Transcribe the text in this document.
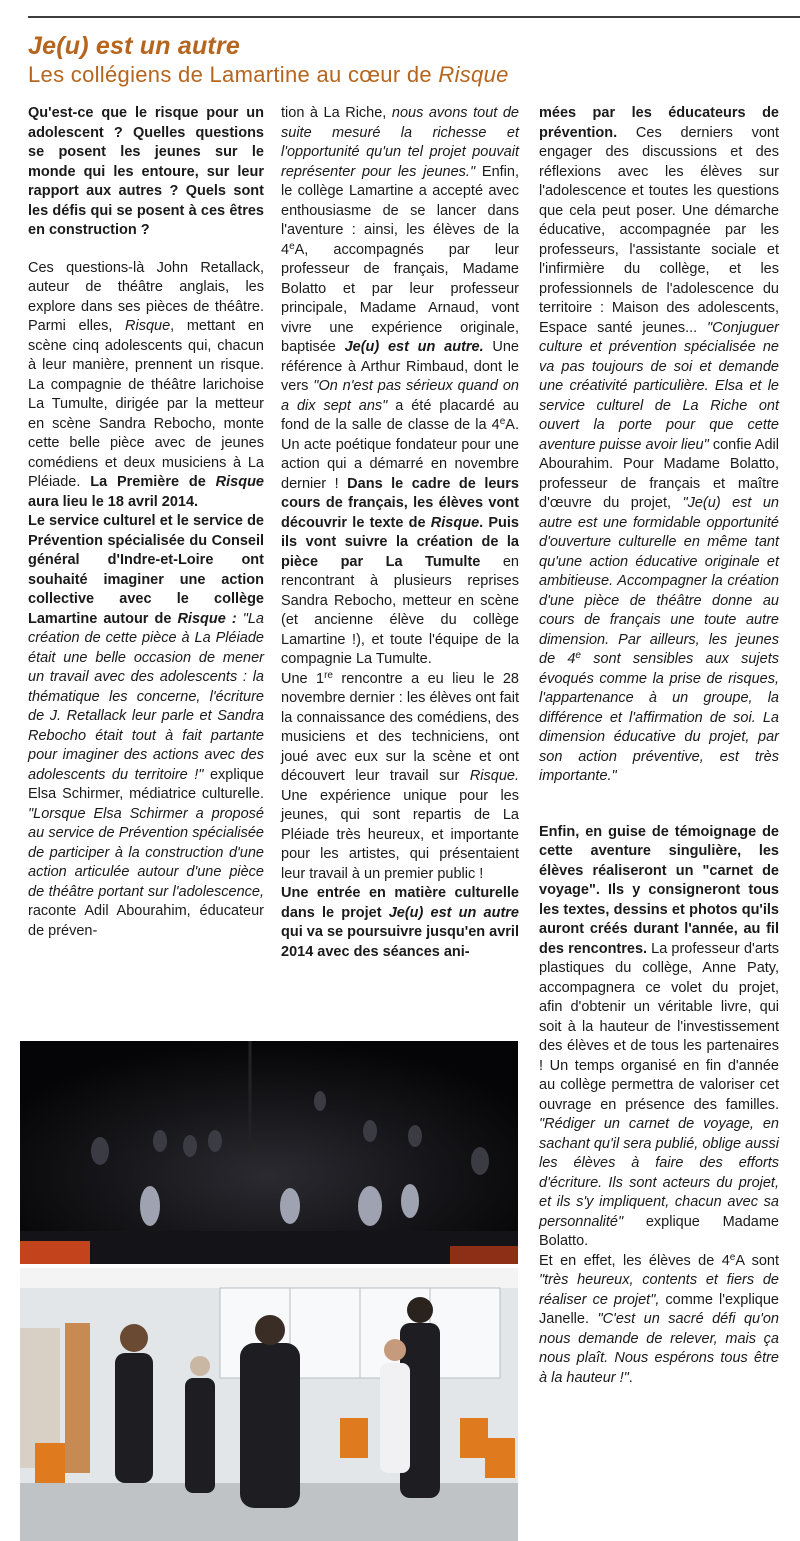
Je(u) est un autre
Les collégiens de Lamartine au cœur de Risque

Qu'est-ce que le risque pour un adolescent ? Quelles questions se posent les jeunes sur le monde qui les entoure, sur leur rapport aux autres ? Quels sont les défis qui se posent à ces êtres en construction ?

Ces questions-là John Retallack, auteur de théâtre anglais, les explore dans ses pièces de théâtre. Parmi elles, Risque, mettant en scène cinq adolescents qui, chacun à leur manière, prennent un risque. La compagnie de théâtre larichoise La Tumulte, dirigée par la metteur en scène Sandra Rebocho, monte cette belle pièce avec de jeunes comédiens et deux musiciens à La Pléiade. La Première de Risque aura lieu le 18 avril 2014.

Le service culturel et le service de Prévention spécialisée du Conseil général d'Indre-et-Loire ont souhaité imaginer une action collective avec le collège Lamartine autour de Risque : "La création de cette pièce à La Pléiade était une belle occasion de mener un travail avec des adolescents : la thématique les concerne, l'écriture de J. Retallack leur parle et Sandra Rebocho était tout à fait partante pour imaginer des actions avec des adolescents du territoire !" explique Elsa Schirmer, médiatrice culturelle. "Lorsque Elsa Schirmer a proposé au service de Prévention spécialisée de participer à la construction d'une action articulée autour d'une pièce de théâtre portant sur l'adolescence, raconte Adil Abourahim, éducateur de préven-

tion à La Riche, nous avons tout de suite mesuré la richesse et l'opportunité qu'un tel projet pouvait représenter pour les jeunes." Enfin, le collège Lamartine a accepté avec enthousiasme de se lancer dans l'aventure : ainsi, les élèves de la 4eA, accompagnés par leur professeur de français, Madame Bolatto et par leur professeur principale, Madame Arnaud, vont vivre une expérience originale, baptisée Je(u) est un autre. Une référence à Arthur Rimbaud, dont le vers "On n'est pas sérieux quand on a dix sept ans" a été placardé au fond de la salle de classe de la 4eA. Un acte poétique fondateur pour une action qui a démarré en novembre dernier ! Dans le cadre de leurs cours de français, les élèves vont découvrir le texte de Risque. Puis ils vont suivre la création de la pièce par La Tumulte en rencontrant à plusieurs reprises Sandra Rebocho, metteur en scène (et ancienne élève du collège Lamartine !), et toute l'équipe de la compagnie La Tumulte.

Une 1re rencontre a eu lieu le 28 novembre dernier : les élèves ont fait la connaissance des comédiens, des musiciens et des techniciens, ont joué avec eux sur la scène et ont découvert leur travail sur Risque. Une expérience unique pour les jeunes, qui sont repartis de La Pléiade très heureux, et importante pour les artistes, qui présentaient leur travail à un premier public !

Une entrée en matière culturelle dans le projet Je(u) est un autre qui va se poursuivre jusqu'en avril 2014 avec des séances ani-

mées par les éducateurs de prévention. Ces derniers vont engager des discussions et des réflexions avec les élèves sur l'adolescence et toutes les questions que cela peut poser. Une démarche éducative, accompagnée par les professeurs, l'assistante sociale et l'infirmière du collège, et les professionnels de l'adolescence du territoire : Maison des adolescents, Espace santé jeunes... "Conjuguer culture et prévention spécialisée ne va pas toujours de soi et demande une créativité particulière. Elsa et le service culturel de La Riche ont ouvert la porte pour que cette aventure puisse avoir lieu" confie Adil Abourahim. Pour Madame Bolatto, professeur de français et maître d'œuvre du projet, "Je(u) est un autre est une formidable opportunité d'ouverture culturelle en même tant qu'une action éducative originale et ambitieuse. Accompagner la création d'une pièce de théâtre donne au cours de français une toute autre dimension. Par ailleurs, les jeunes de 4e sont sensibles aux sujets évoqués comme la prise de risques, l'appartenance à un groupe, la différence et l'affirmation de soi. La dimension éducative du projet, par son action préventive, est très importante."

Enfin, en guise de témoignage de cette aventure singulière, les élèves réaliseront un "carnet de voyage". Ils y consigneront tous les textes, dessins et photos qu'ils auront créés durant l'année, au fil des rencontres. La professeur d'arts plastiques du collège, Anne Paty, accompagnera ce volet du projet, afin d'obtenir un véritable livre, qui soit à la hauteur de l'investissement des élèves et de tous les partenaires ! Un temps organisé en fin d'année au collège permettra de valoriser cet ouvrage en présence des familles. "Rédiger un carnet de voyage, en sachant qu'il sera publié, oblige aussi les élèves à faire des efforts d'écriture. Ils sont acteurs du projet, et ils s'y impliquent, chacun avec sa personnalité" explique Madame Bolatto.

Et en effet, les élèves de 4eA sont "très heureux, contents et fiers de réaliser ce projet", comme l'explique Janelle. "C'est un sacré défi qu'on nous demande de relever, mais ça nous plaît. Nous espérons tous être à la hauteur !".
